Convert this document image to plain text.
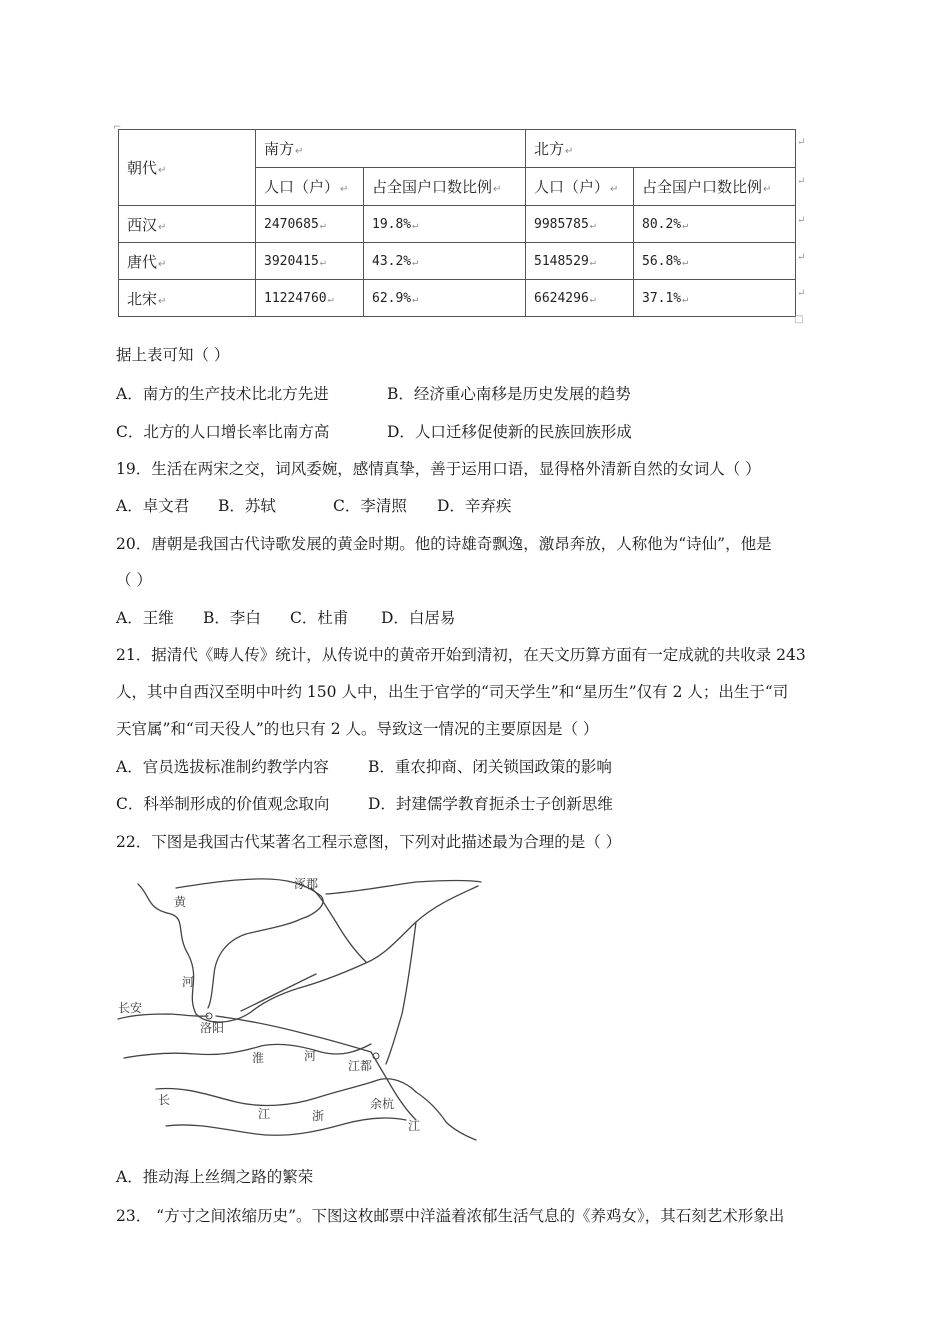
⌐
朝代↵	南方↵		北方↵	
	人口（户）↵	占全国户口数比例↵	人口（户）↵	占全国户口数比例↵
西汉↵	2470685↵	19.8%↵	9985785↵	80.2%↵
唐代↵	3920415↵	43.2%↵	5148529↵	56.8%↵
北宋↵	11224760↵	62.9%↵	6624296↵	37.1%↵
↵
↵
↵
↵
↵
□
据上表可知（ ）
A．南方的生产技术比北方先进	B．经济重心南移是历史发展的趋势
C．北方的人口增长率比南方高	D．人口迁移促使新的民族回族形成
19．生活在两宋之交，词风委婉，感情真挚，善于运用口语，显得格外清新自然的女词人（ ）
A．卓文君 B．苏轼	C．李清照 D．辛弃疾
20．唐朝是我国古代诗歌发展的黄金时期。他的诗雄奇飘逸，激昂奔放，人称他为“诗仙”，他是
（ ）
A．王维 B．李白 C．杜甫 D．白居易
21．据清代《畴人传》统计，从传说中的黄帝开始到清初，在天文历算方面有一定成就的共收录 243
人，其中自西汉至明中叶约 150 人中，出生于官学的“司天学生”和“星历生”仅有 2 人；出生于“司
天官属”和“司天役人”的也只有 2 人。导致这一情况的主要原因是（ ）
A．官员选拔标准制约教学内容	B．重农抑商、闭关锁国政策的影响
C．科举制形成的价值观念取向 D．封建儒学教育扼杀士子创新思维
22．下图是我国古代某著名工程示意图，下列对此描述最为合理的是（ ）
涿郡
黄
河
长安
洛阳
淮	河
江都
长
江	浙
余杭
江
A．推动海上丝绸之路的繁荣
23． “方寸之间浓缩历史”。下图这枚邮票中洋溢着浓郁生活气息的《养鸡女》，其石刻艺术形象出
